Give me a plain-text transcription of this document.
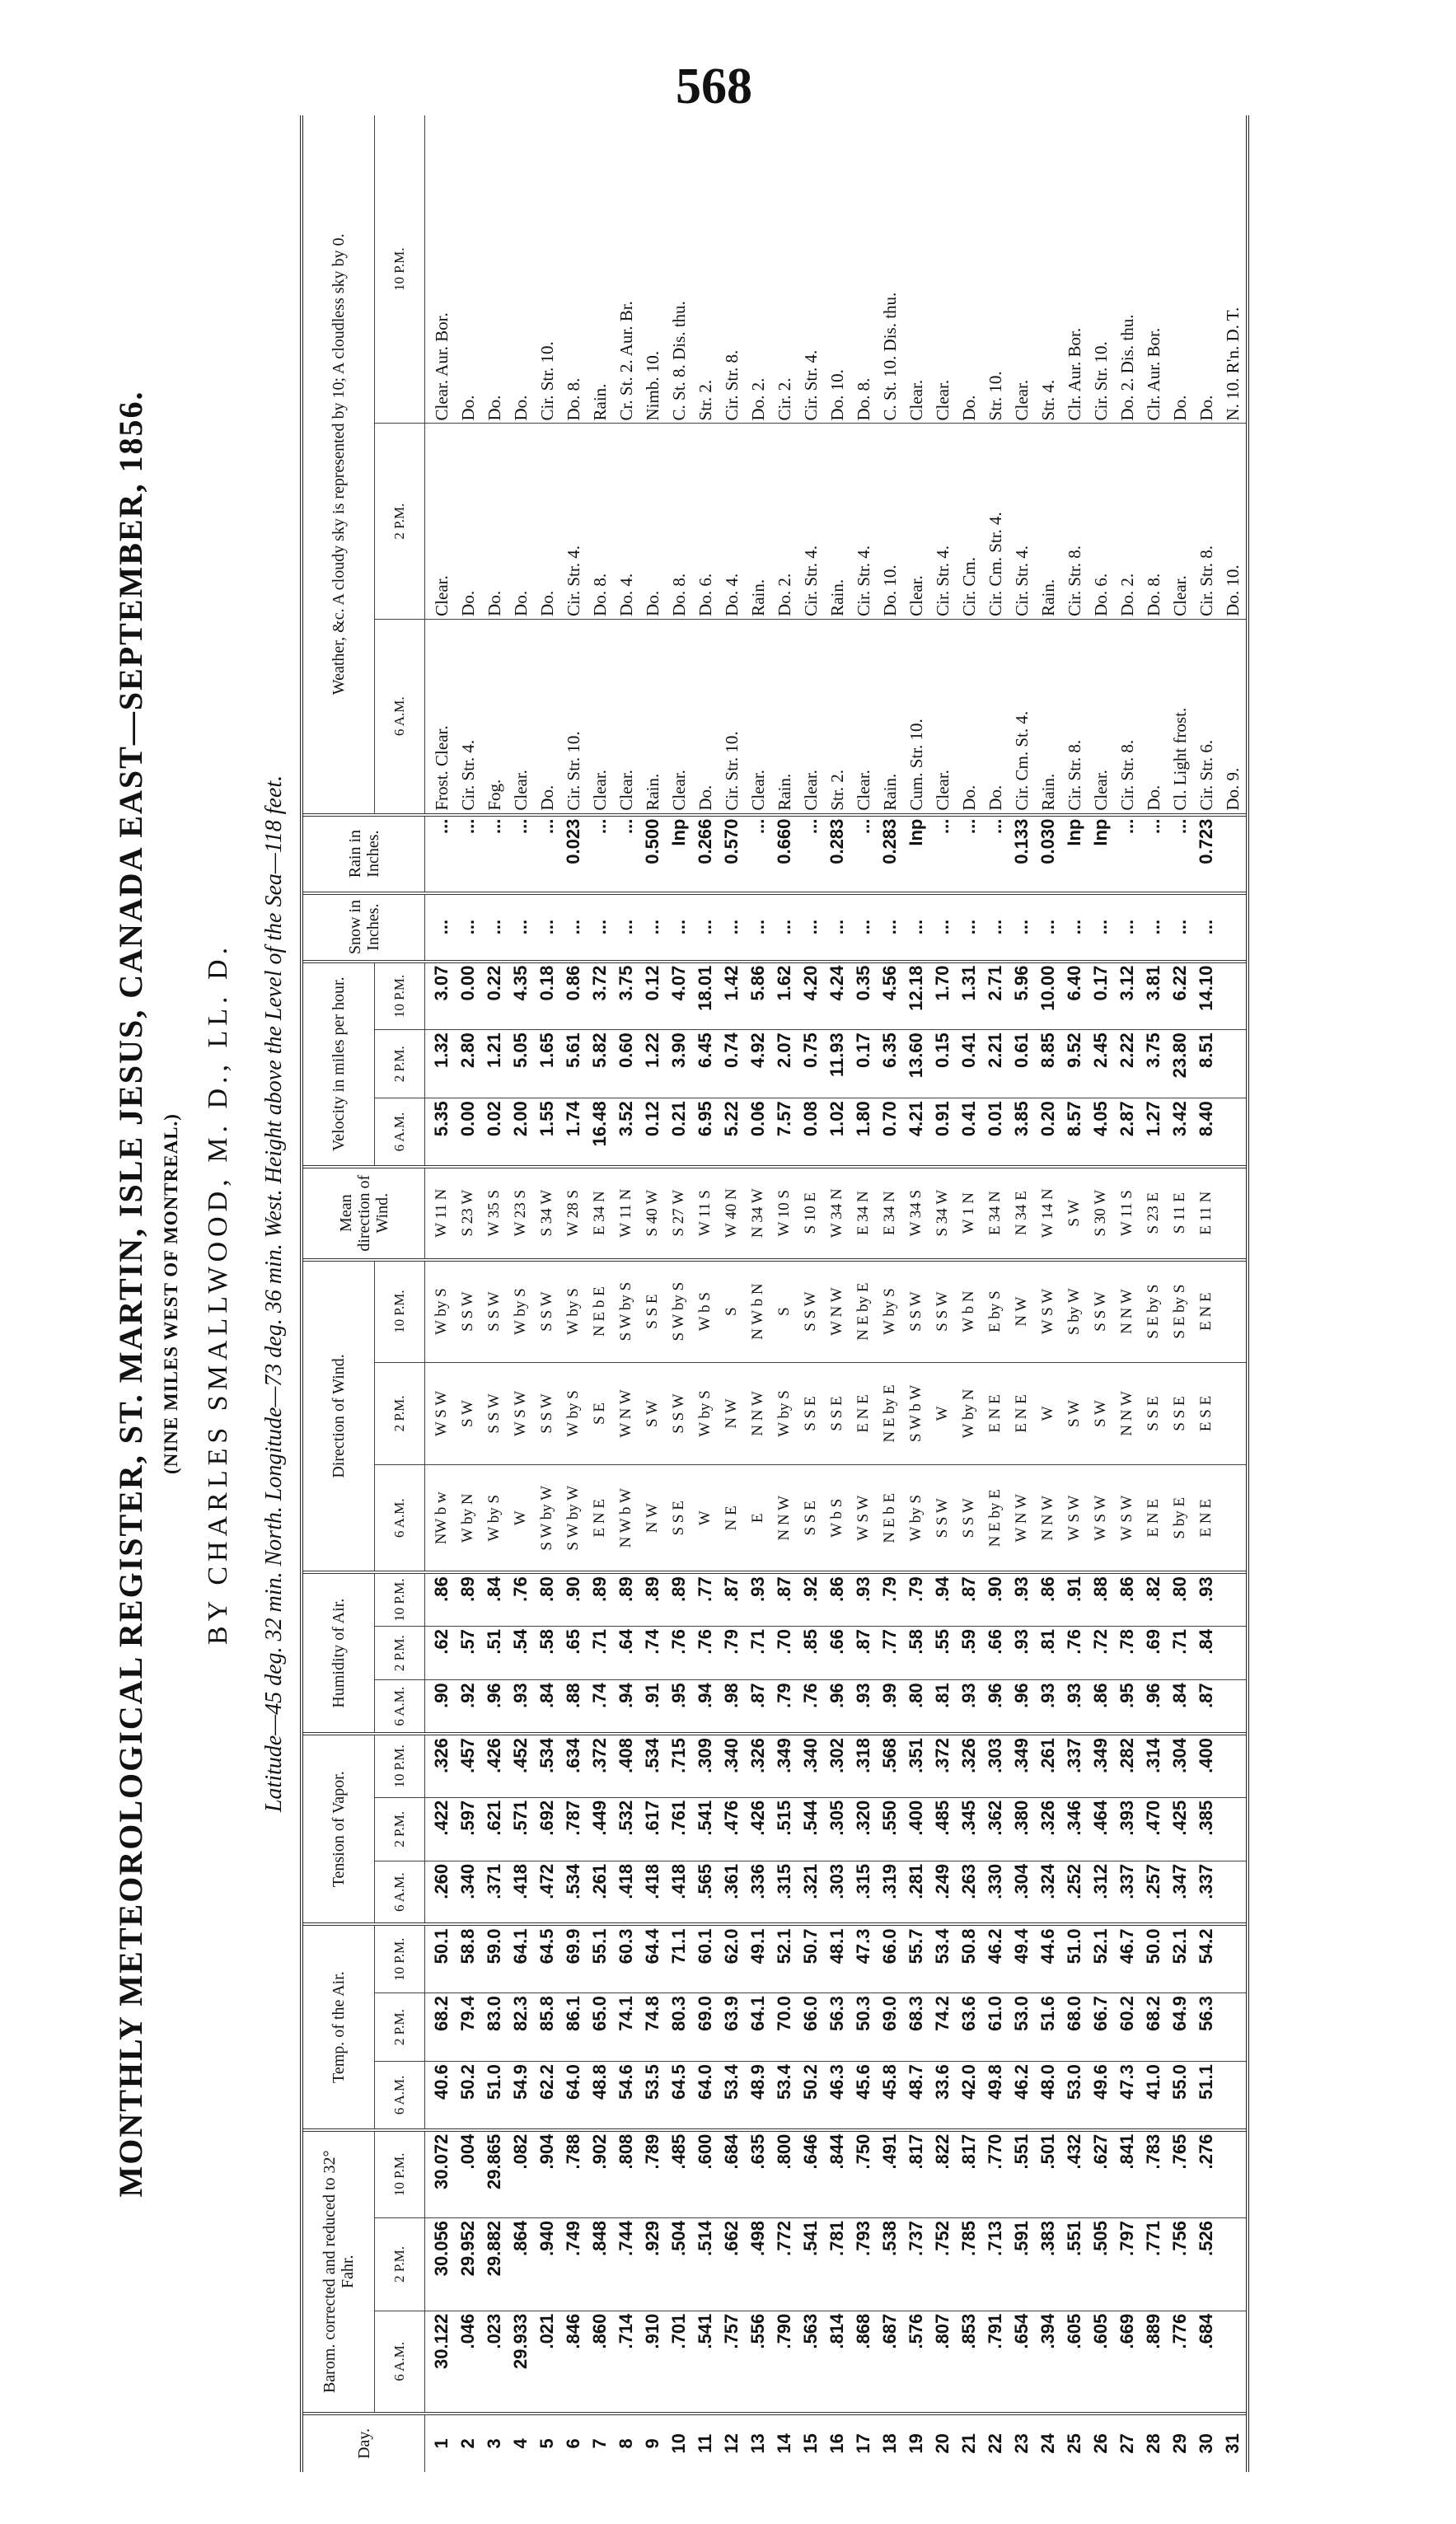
568
MONTHLY METEOROLOGICAL REGISTER, ST. MARTIN, ISLE JESUS, CANADA EAST—SEPTEMBER, 1856. (NINE MILES WEST OF MONTREAL.) BY CHARLES SMALLWOOD, M. D., LL. D.	Latitude—45 deg. 32 min. North. Longitude—73 deg. 36 min. West. Height above the Level of the Sea—118 feet.
Day.	Barom. corrected and reduced to 32° Fahr.			Temp. of the Air.			Tension of Vapor.			Humidity of Air.			Direction of Wind.			Mean direction of Wind.	Velocity in miles per hour.			Snow in Inches.	Rain in Inches.	Weather, &c. A cloudy sky is represented by 10; A cloudless sky by 0.		
	6 A.M.	2 P.M.	10 P.M.	6 A.M.	2 P.M.	10 P.M.	6 A.M.	2 P.M.	10 P.M.	6 A.M.	2 P.M.	10 P.M.	6 A.M.	2 P.M.	10 P.M.		6 A.M.	2 P.M.	10 P.M.			6 A.M.	2 P.M.	10 P.M.
1	30.122	30.056	30.072	40.6	68.2	50.1	.260	.422	.326	.90	.62	.86	NW b w	W S W	W by S	W 11 N	5.35	1.32	3.07	...	...	Frost. Clear.	Clear.	Clear. Aur. Bor.
2	.046	29.952	.004	50.2	79.4	58.8	.340	.597	.457	.92	.57	.89	W by N	S W	S S W	S 23 W	0.00	2.80	0.00	...	...	Cir. Str. 4.	Do.	Do.
3	.023	29.882	29.865	51.0	83.0	59.0	.371	.621	.426	.96	.51	.84	W by S	S S W	S S W	W 35 S	0.02	1.21	0.22	...	...	Fog.	Do.	Do.
4	29.933	.864	.082	54.9	82.3	64.1	.418	.571	.452	.93	.54	.76	W	W S W	W by S	W 23 S	2.00	5.05	4.35	...	...	Clear.	Do.	Do.
5	.021	.940	.904	62.2	85.8	64.5	.472	.692	.534	.84	.58	.80	S W by W	S S W	S S W	S 34 W	1.55	1.65	0.18	...	...	Do.	Do.	Cir. Str. 10.
6	.846	.749	.788	64.0	86.1	69.9	.534	.787	.634	.88	.65	.90	S W by W	W by S	W by S	W 28 S	1.74	5.61	0.86	...	0.023	Cir. Str. 10.	Cir. Str. 4.	Do. 8.
7	.860	.848	.902	48.8	65.0	55.1	.261	.449	.372	.74	.71	.89	E N E	S E	N E b E	E 34 N	16.48	5.82	3.72	...	...	Clear.	Do. 8.	Rain.
8	.714	.744	.808	54.6	74.1	60.3	.418	.532	.408	.94	.64	.89	N W b W	W N W	S W by S	W 11 N	3.52	0.60	3.75	...	...	Clear.	Do. 4.	Cr. St. 2. Aur. Br.
9	.910	.929	.789	53.5	74.8	64.4	.418	.617	.534	.91	.74	.89	N W	S W	S S E	S 40 W	0.12	1.22	0.12	...	0.500	Rain.	Do.	Nimb. 10.
10	.701	.504	.485	64.5	80.3	71.1	.418	.761	.715	.95	.76	.89	S S E	S S W	S W by S	S 27 W	0.21	3.90	4.07	...	Inp	Clear.	Do. 8.	C. St. 8. Dis. thu.
11	.541	.514	.600	64.0	69.0	60.1	.565	.541	.309	.94	.76	.77	W	W by S	W b S	W 11 S	6.95	6.45	18.01	...	0.266	Do.	Do. 6.	Str. 2.
12	.757	.662	.684	53.4	63.9	62.0	.361	.476	.340	.98	.79	.87	N E	N W	S	W 40 N	5.22	0.74	1.42	...	0.570	Cir. Str. 10.	Do. 4.	Cir. Str. 8.
13	.556	.498	.635	48.9	64.1	49.1	.336	.426	.326	.87	.71	.93	E	N N W	N W b N	N 34 W	0.06	4.92	5.86	...	...	Clear.	Rain.	Do. 2.
14	.790	.772	.800	53.4	70.0	52.1	.315	.515	.349	.79	.70	.87	N N W	W by S	S	W 10 S	7.57	2.07	1.62	...	0.660	Rain.	Do. 2.	Cir. 2.
15	.563	.541	.646	50.2	66.0	50.7	.321	.544	.340	.76	.85	.92	S S E	S S E	S S W	S 10 E	0.08	0.75	4.20	...	...	Clear.	Cir. Str. 4.	Cir. Str. 4.
16	.814	.781	.844	46.3	56.3	48.1	.303	.305	.302	.96	.66	.86	W b S	S S E	W N W	W 34 N	1.02	11.93	4.24	...	0.283	Str. 2.	Rain.	Do. 10.
17	.868	.793	.750	45.6	50.3	47.3	.315	.320	.318	.93	.87	.93	W S W	E N E	N E by E	E 34 N	1.80	0.17	0.35	...	...	Clear.	Cir. Str. 4.	Do. 8.
18	.687	.538	.491	45.8	69.0	66.0	.319	.550	.568	.99	.77	.79	N E b E	N E by E	W by S	E 34 N	0.70	6.35	4.56	...	0.283	Rain.	Do. 10.	C. St. 10. Dis. thu.
19	.576	.737	.817	48.7	68.3	55.7	.281	.400	.351	.80	.58	.79	W by S	S W b W	S S W	W 34 S	4.21	13.60	12.18	...	Inp	Cum. Str. 10.	Clear.	Clear.
20	.807	.752	.822	33.6	74.2	53.4	.249	.485	.372	.81	.55	.94	S S W	W	S S W	S 34 W	0.91	0.15	1.70	...	...	Clear.	Cir. Str. 4.	Clear.
21	.853	.785	.817	42.0	63.6	50.8	.263	.345	.326	.93	.59	.87	S S W	W by N	W b N	W 1 N	0.41	0.41	1.31	...	...	Do.	Cir. Cm.	Do.
22	.791	.713	.770	49.8	61.0	46.2	.330	.362	.303	.96	.66	.90	N E by E	E N E	E by S	E 34 N	0.01	2.21	2.71	...	...	Do.	Cir. Cm. Str. 4.	Str. 10.
23	.654	.591	.551	46.2	53.0	49.4	.304	.380	.349	.96	.93	.93	W N W	E N E	N W	N 34 E	3.85	0.61	5.96	...	0.133	Cir. Cm. St. 4.	Cir. Str. 4.	Clear.
24	.394	.383	.501	48.0	51.6	44.6	.324	.326	.261	.93	.81	.86	N N W	W	W S W	W 14 N	0.20	8.85	10.00	...	0.030	Rain.	Rain.	Str. 4.
25	.605	.551	.432	53.0	68.0	51.0	.252	.346	.337	.93	.76	.91	W S W	S W	S by W	S W	8.57	9.52	6.40	...	Inp	Cir. Str. 8.	Cir. Str. 8.	Clr. Aur. Bor.
26	.605	.505	.627	49.6	66.7	52.1	.312	.464	.349	.86	.72	.88	W S W	S W	S S W	S 30 W	4.05	2.45	0.17	...	Inp	Clear.	Do. 6.	Cir. Str. 10.
27	.669	.797	.841	47.3	60.2	46.7	.337	.393	.282	.95	.78	.86	W S W	N N W	N N W	W 11 S	2.87	2.22	3.12	...	...	Cir. Str. 8.	Do. 2.	Do. 2. Dis. thu.
28	.889	.771	.783	41.0	68.2	50.0	.257	.470	.314	.96	.69	.82	E N E	S S E	S E by S	S 23 E	1.27	3.75	3.81	...	...	Do.	Do. 8.	Clr. Aur. Bor.
29	.776	.756	.765	55.0	64.9	52.1	.347	.425	.304	.84	.71	.80	S by E	S S E	S E by S	S 11 E	3.42	23.80	6.22	...	...	Cl. Light frost.	Clear.	Do.
30	.684	.526	.276	51.1	56.3	54.2	.337	.385	.400	.87	.84	.93	E N E	E S E	E N E	E 11 N	8.40	8.51	14.10	...	0.723	Cir. Str. 6.	Cir. Str. 8.	Do.
31																						Do. 9.	Do. 10.	N. 10. R'n. D. T.
